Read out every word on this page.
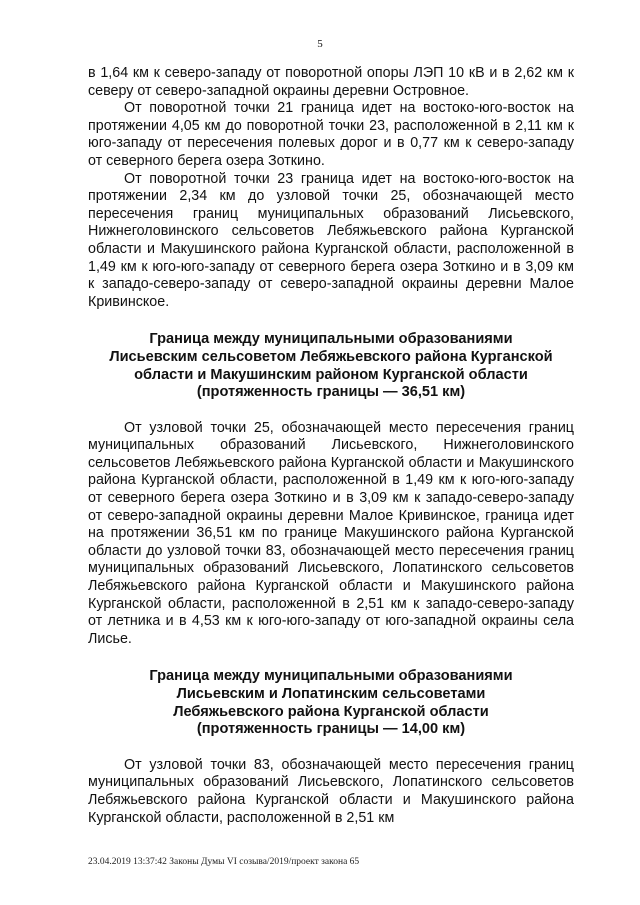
5

в 1,64 км к северо-западу от поворотной опоры ЛЭП 10 кВ и в 2,62 км к северу от северо-западной окраины деревни Островное.

От поворотной точки 21 граница идет на востоко-юго-восток на протяжении 4,05 км до поворотной точки 23, расположенной в 2,11 км к юго-западу от пересечения полевых дорог и в 0,77 км к северо-западу от северного берега озера Зоткино.

От поворотной точки 23 граница идет на востоко-юго-восток на протяжении 2,34 км до узловой точки 25, обозначающей место пересечения границ муниципальных образований Лисьевского, Нижнеголовинского сельсоветов Лебяжьевского района Курганской области и Макушинского района Курганской области, расположенной в 1,49 км к юго-юго-западу от северного берега озера Зоткино и в 3,09 км к западо-северо-западу от северо-западной окраины деревни Малое Кривинское.

Граница между муниципальными образованиями
Лисьевским сельсоветом Лебяжьевского района Курганской
области и Макушинским районом Курганской области
(протяженность границы — 36,51 км)

От узловой точки 25, обозначающей место пересечения границ муниципальных образований Лисьевского, Нижнеголовинского сельсоветов Лебяжьевского района Курганской области и Макушинского района Курганской области, расположенной в 1,49 км к юго-юго-западу от северного берега озера Зоткино и в 3,09 км к западо-северо-западу от северо-западной окраины деревни Малое Кривинское, граница идет на протяжении 36,51 км по границе Макушинского района Курганской области до узловой точки 83, обозначающей место пересечения границ муниципальных образований Лисьевского, Лопатинского сельсоветов Лебяжьевского района Курганской области и Макушинского района Курганской области, расположенной в 2,51 км к западо-северо-западу от летника и в 4,53 км к юго-юго-западу от юго-западной окраины села Лисье.

Граница между муниципальными образованиями
Лисьевским и Лопатинским сельсоветами
Лебяжьевского района Курганской области
(протяженность границы — 14,00 км)

От узловой точки 83, обозначающей место пересечения границ муниципальных образований Лисьевского, Лопатинского сельсоветов Лебяжьевского района Курганской области и Макушинского района Курганской области, расположенной в 2,51 км

23.04.2019 13:37:42 Законы Думы VI созыва/2019/проект закона 65
